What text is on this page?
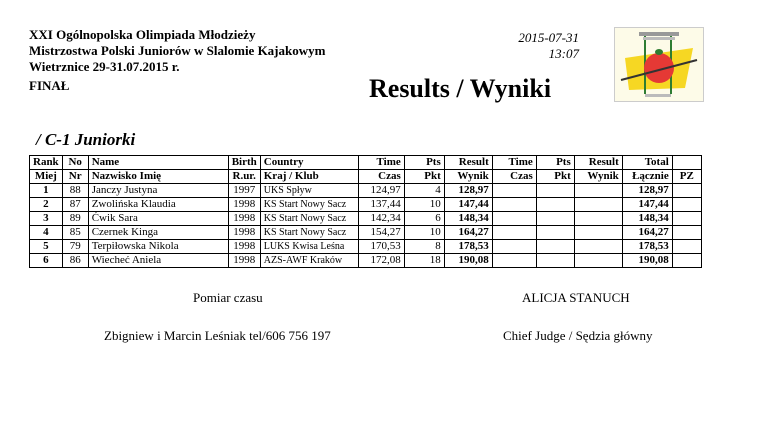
XXI Ogólnopolska Olimpiada Młodzieży
Mistrzostwa Polski Juniorów w Slalomie Kajakowym
Wietrznice 29-31.07.2015 r.
FINAŁ
2015-07-31
13:07
Results / Wyniki
/ C-1 Juniorki
Rank	No	Name	Birth	Country	Time	Pts	Result	Time	Pts	Result	Total	
Miej	Nr	Nazwisko Imię	R.ur.	Kraj / Klub	Czas	Pkt	Wynik	Czas	Pkt	Wynik	Łącznie	PZ
1	88	Janczy Justyna	1997	UKS Spływ	124,97	4	128,97				128,97	
2	87	Zwolińska Klaudia	1998	KS Start Nowy Sacz	137,44	10	147,44				147,44	
3	89	Ćwik Sara	1998	KS Start Nowy Sacz	142,34	6	148,34				148,34	
4	85	Czernek Kinga	1998	KS Start Nowy Sacz	154,27	10	164,27				164,27	
5	79	Terpiłowska Nikola	1998	LUKS Kwisa Leśna	170,53	8	178,53				178,53	
6	86	Wiecheć Aniela	1998	AZS-AWF Kraków	172,08	18	190,08				190,08	
Pomiar czasu
Zbigniew i Marcin Leśniak tel/606 756 197
ALICJA STANUCH
Chief Judge / Sędzia główny
